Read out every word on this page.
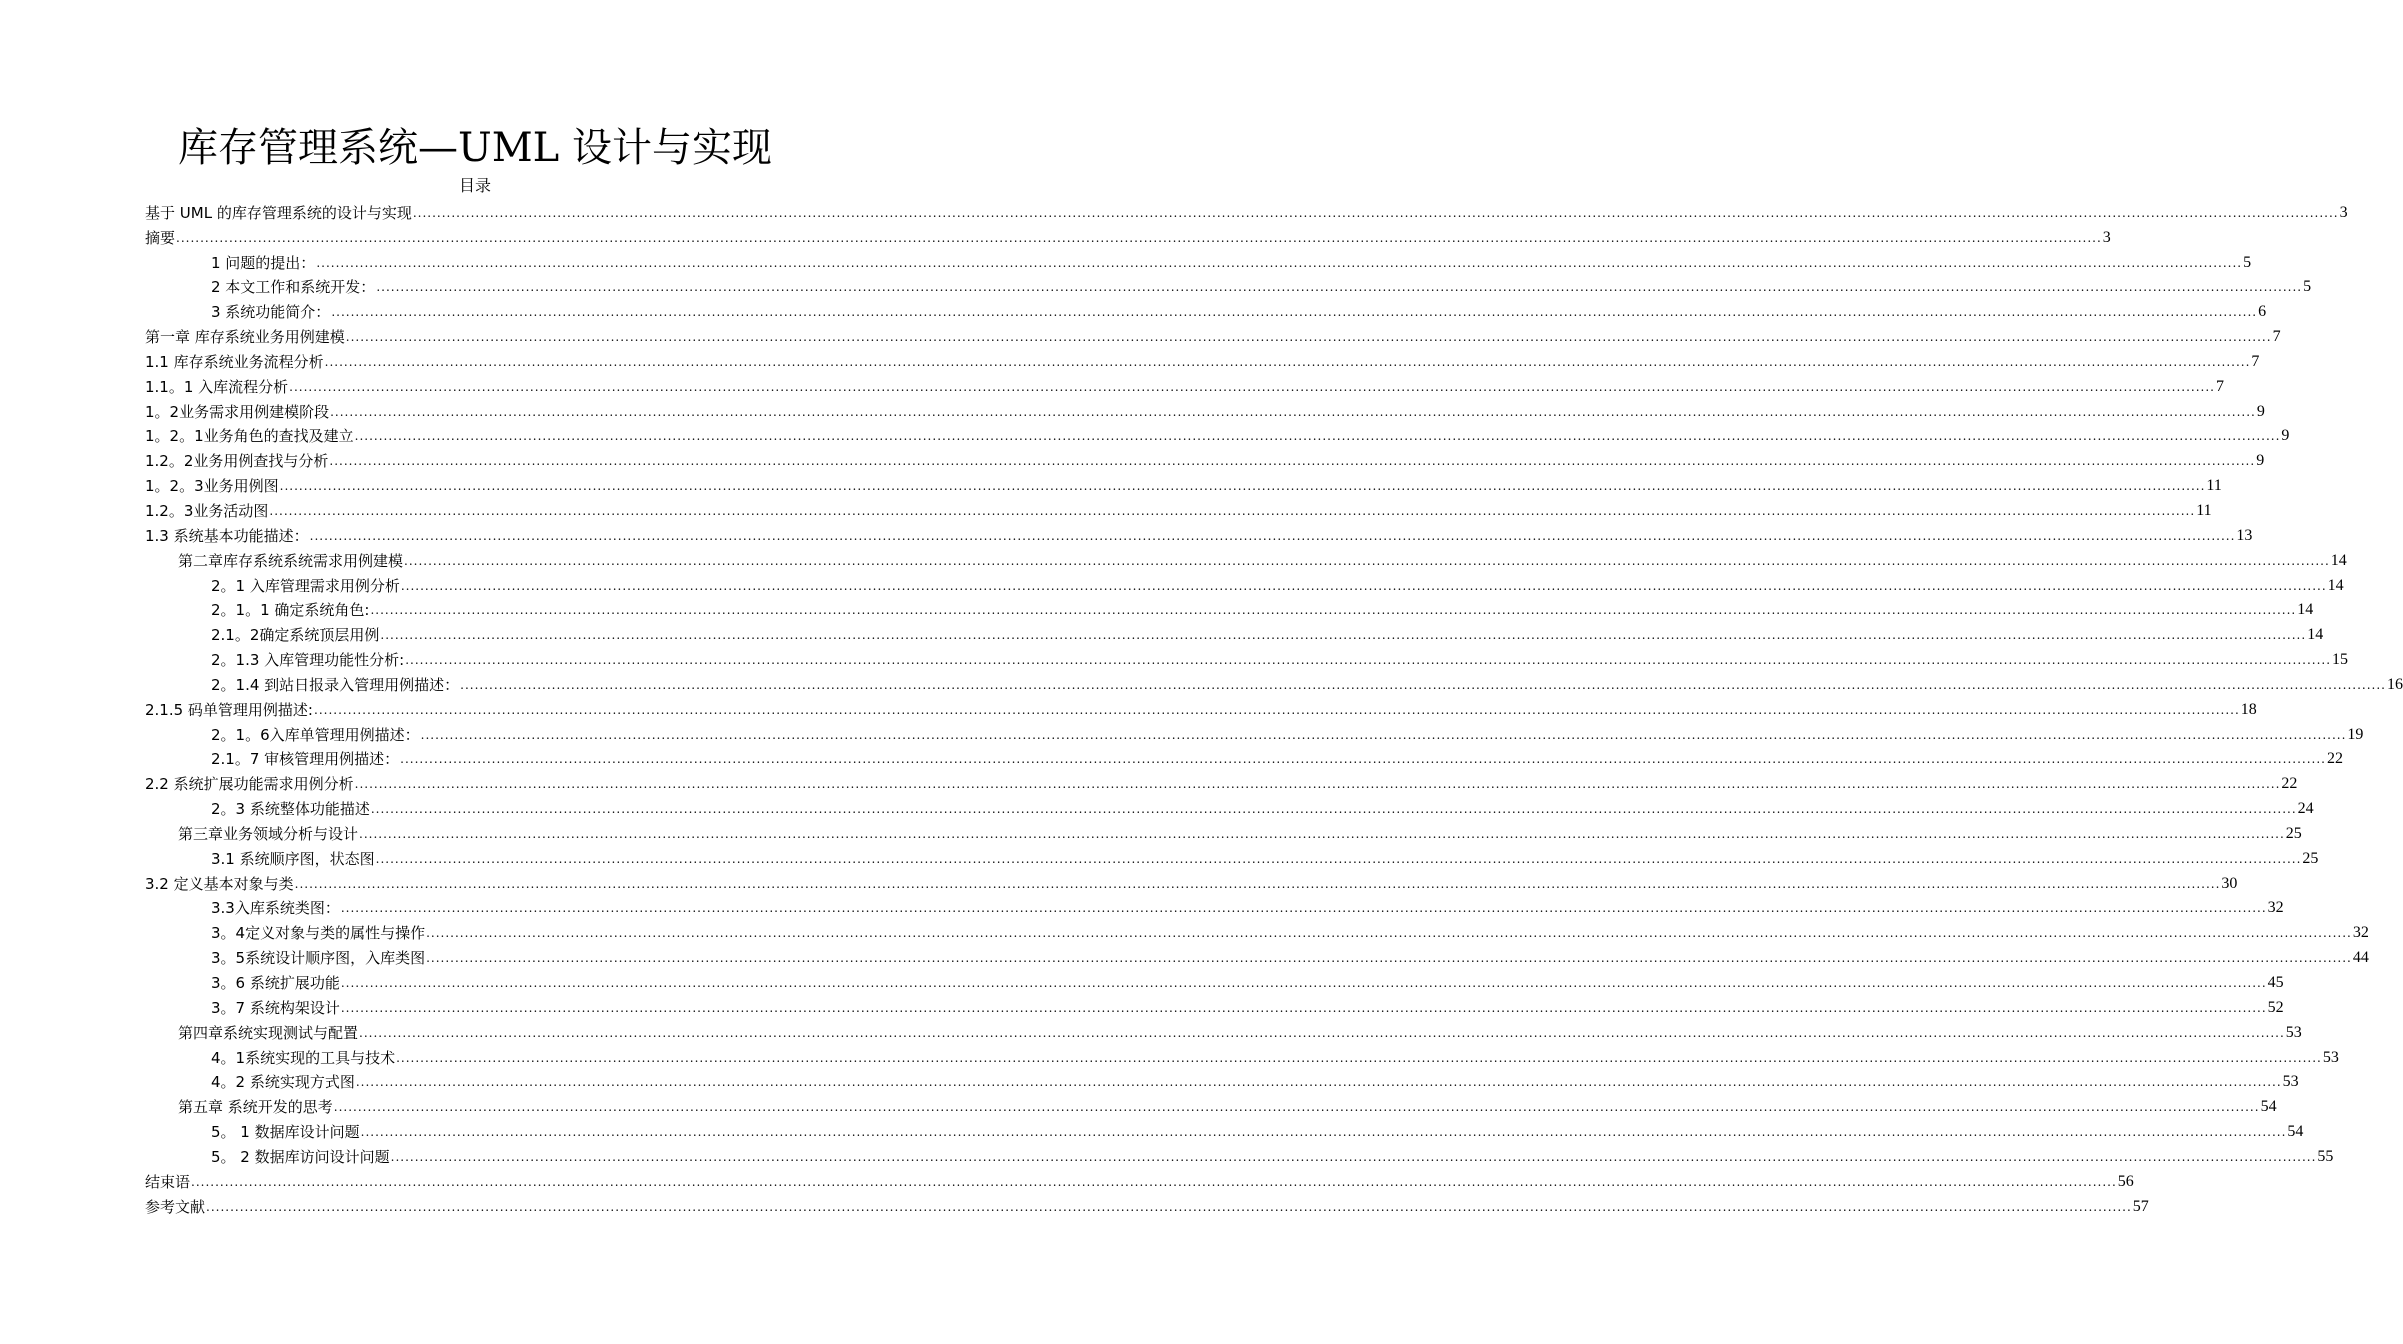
库存管理系统—UML 设计与实现
目录
基于 UML 的库存管理系统的设计与实现 ................................................................................................................................................................................................................................................................................................................................................................................................................ 3
摘要 ................................................................................................................................................................................................................................................................................................................................................................................................................ 3
1 问题的提出： ................................................................................................................................................................................................................................................................................................................................................................................................................ 5
2 本文工作和系统开发： ................................................................................................................................................................................................................................................................................................................................................................................................................ 5
3 系统功能简介： ................................................................................................................................................................................................................................................................................................................................................................................................................ 6
第一章 库存系统业务用例建模 ................................................................................................................................................................................................................................................................................................................................................................................................................ 7
1.1 库存系统业务流程分析 ................................................................................................................................................................................................................................................................................................................................................................................................................ 7
1.1。1 入库流程分析 ................................................................................................................................................................................................................................................................................................................................................................................................................ 7
1。2业务需求用例建模阶段 ................................................................................................................................................................................................................................................................................................................................................................................................................ 9
1。2。1业务角色的查找及建立 ................................................................................................................................................................................................................................................................................................................................................................................................................ 9
1.2。2业务用例查找与分析 ................................................................................................................................................................................................................................................................................................................................................................................................................ 9
1。2。3业务用例图 ................................................................................................................................................................................................................................................................................................................................................................................................................ 11
1.2。3业务活动图 ................................................................................................................................................................................................................................................................................................................................................................................................................ 11
1.3 系统基本功能描述： ................................................................................................................................................................................................................................................................................................................................................................................................................ 13
第二章库存系统系统需求用例建模 ................................................................................................................................................................................................................................................................................................................................................................................................................ 14
2。1 入库管理需求用例分析 ................................................................................................................................................................................................................................................................................................................................................................................................................ 14
2。1。1 确定系统角色: ................................................................................................................................................................................................................................................................................................................................................................................................................ 14
2.1。2确定系统顶层用例 ................................................................................................................................................................................................................................................................................................................................................................................................................ 14
2。1.3 入库管理功能性分析: ................................................................................................................................................................................................................................................................................................................................................................................................................ 15
2。1.4 到站日报录入管理用例描述： ................................................................................................................................................................................................................................................................................................................................................................................................................ 16
2.1.5 码单管理用例描述: ................................................................................................................................................................................................................................................................................................................................................................................................................ 18
2。1。6入库单管理用例描述： ................................................................................................................................................................................................................................................................................................................................................................................................................ 19
2.1。7 审核管理用例描述： ................................................................................................................................................................................................................................................................................................................................................................................................................ 22
2.2 系统扩展功能需求用例分析 ................................................................................................................................................................................................................................................................................................................................................................................................................ 22
2。3 系统整体功能描述 ................................................................................................................................................................................................................................................................................................................................................................................................................ 24
第三章业务领域分析与设计 ................................................................................................................................................................................................................................................................................................................................................................................................................ 25
3.1 系统顺序图，状态图 ................................................................................................................................................................................................................................................................................................................................................................................................................ 25
3.2 定义基本对象与类 ................................................................................................................................................................................................................................................................................................................................................................................................................ 30
3.3入库系统类图： ................................................................................................................................................................................................................................................................................................................................................................................................................ 32
3。4定义对象与类的属性与操作 ................................................................................................................................................................................................................................................................................................................................................................................................................ 32
3。5系统设计顺序图，入库类图 ................................................................................................................................................................................................................................................................................................................................................................................................................ 44
3。6 系统扩展功能 ................................................................................................................................................................................................................................................................................................................................................................................................................ 45
3。7 系统构架设计 ................................................................................................................................................................................................................................................................................................................................................................................................................ 52
第四章系统实现测试与配置 ................................................................................................................................................................................................................................................................................................................................................................................................................ 53
4。1系统实现的工具与技术 ................................................................................................................................................................................................................................................................................................................................................................................................................ 53
4。2 系统实现方式图 ................................................................................................................................................................................................................................................................................................................................................................................................................ 53
第五章 系统开发的思考 ................................................................................................................................................................................................................................................................................................................................................................................................................ 54
5。 1 数据库设计问题 ................................................................................................................................................................................................................................................................................................................................................................................................................ 54
5。 2 数据库访问设计问题 ................................................................................................................................................................................................................................................................................................................................................................................................................ 55
结束语 ................................................................................................................................................................................................................................................................................................................................................................................................................ 56
参考文献 ................................................................................................................................................................................................................................................................................................................................................................................................................ 57
